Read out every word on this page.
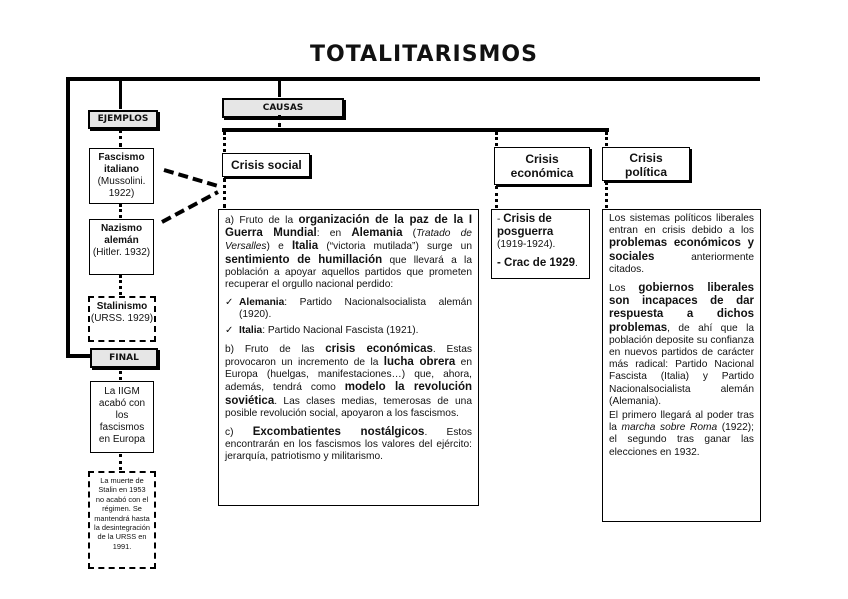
TOTALITARISMOS
EJEMPLOS
CAUSAS
FINAL
Fascismo
italiano
(Mussolini. 1922)
Nazismo
alemán
(Hitler. 1932)
Stalinismo
(URSS. 1929)
La IIGM acabó con los fascismos en Europa
La muerte de Stalin en 1953 no acabó con el régimen. Se mantendrá hasta la desintegración de la URSS en 1991.
Crisis social	Crisis
económica
Crisis
política

a) Fruto de la organización de la paz de la I Guerra Mundial: en Alemania (Tratado de Versalles) e Italia (“victoria mutilada”) surge un sentimiento de humillación que llevará a la población a apoyar aquellos partidos que prometen recuperar el orgullo nacional perdido:

✓ Alemania: Partido Nacionalsocialista alemán (1920).
✓ Italia: Partido Nacional Fascista (1921).

b) Fruto de las crisis económicas. Estas provocaron un incremento de la lucha obrera en Europa (huelgas, manifestaciones…) que, ahora, además, tendrá como modelo la revolución soviética. Las clases medias, temerosas de una posible revolución social, apoyaron a los fascismos.

c) Excombatientes nostálgicos. Estos encontrarán en los fascismos los valores del ejército: jerarquía, patriotismo y militarismo.

- Crisis de posguerra (1919-1924).
- Crac de 1929.

Los sistemas políticos liberales entran en crisis debido a los problemas económicos y sociales anteriormente citados.

Los gobiernos liberales son incapaces de dar respuesta a dichos problemas, de ahí que la población deposite su confianza en nuevos partidos de carácter más radical: Partido Nacional Fascista (Italia) y Partido Nacionalsocialista alemán (Alemania).

El primero llegará al poder tras la marcha sobre Roma (1922); el segundo tras ganar las elecciones en 1932.
